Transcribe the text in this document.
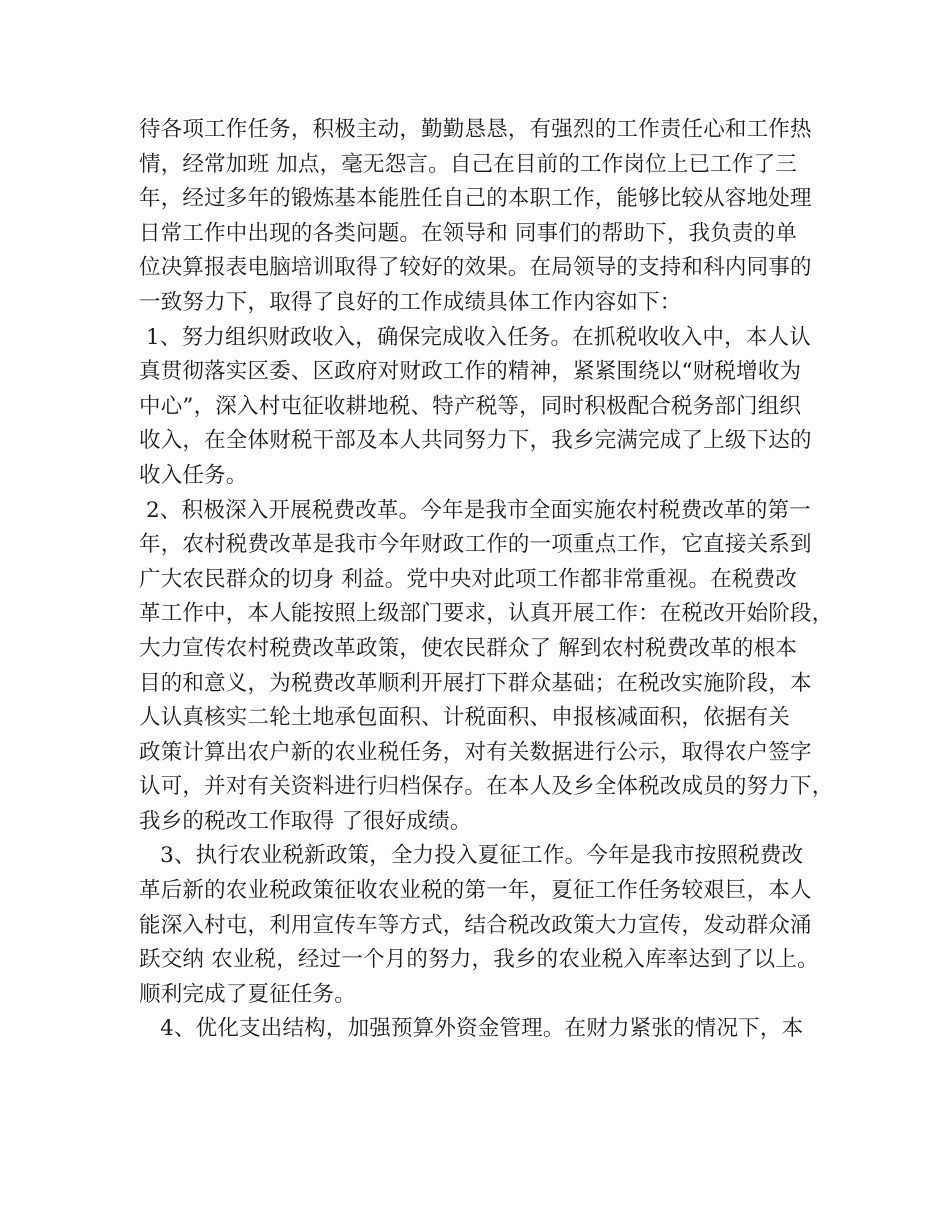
待各项工作任务，积极主动，勤勤恳恳，有强烈的工作责任心和工作热
情，经常加班 加点，毫无怨言。自己在目前的工作岗位上已工作了三
年，经过多年的锻炼基本能胜任自己的本职工作，能够比较从容地处理
日常工作中出现的各类问题。在领导和 同事们的帮助下，我负责的单
位决算报表电脑培训取得了较好的效果。在局领导的支持和科内同事的
一致努力下，取得了良好的工作成绩具体工作内容如下：
1、努力组织财政收入，确保完成收入任务。在抓税收收入中，本人认
真贯彻落实区委、区政府对财政工作的精神，紧紧围绕以“财税增收为
中心”，深入村屯征收耕地税、特产税等，同时积极配合税务部门组织
收入，在全体财税干部及本人共同努力下，我乡完满完成了上级下达的
收入任务。
2、积极深入开展税费改革。今年是我市全面实施农村税费改革的第一
年，农村税费改革是我市今年财政工作的一项重点工作，它直接关系到
广大农民群众的切身 利益。党中央对此项工作都非常重视。在税费改
革工作中，本人能按照上级部门要求，认真开展工作：在税改开始阶段，
大力宣传农村税费改革政策，使农民群众了 解到农村税费改革的根本
目的和意义，为税费改革顺利开展打下群众基础；在税改实施阶段，本
人认真核实二轮土地承包面积、计税面积、申报核减面积，依据有关
政策计算出农户新的农业税任务，对有关数据进行公示，取得农户签字
认可，并对有关资料进行归档保存。在本人及乡全体税改成员的努力下，
我乡的税改工作取得 了很好成绩。
3、执行农业税新政策，全力投入夏征工作。今年是我市按照税费改
革后新的农业税政策征收农业税的第一年，夏征工作任务较艰巨，本人
能深入村屯，利用宣传车等方式，结合税改政策大力宣传，发动群众涌
跃交纳 农业税，经过一个月的努力，我乡的农业税入库率达到了以上。
顺利完成了夏征任务。
4、优化支出结构，加强预算外资金管理。在财力紧张的情况下，本
